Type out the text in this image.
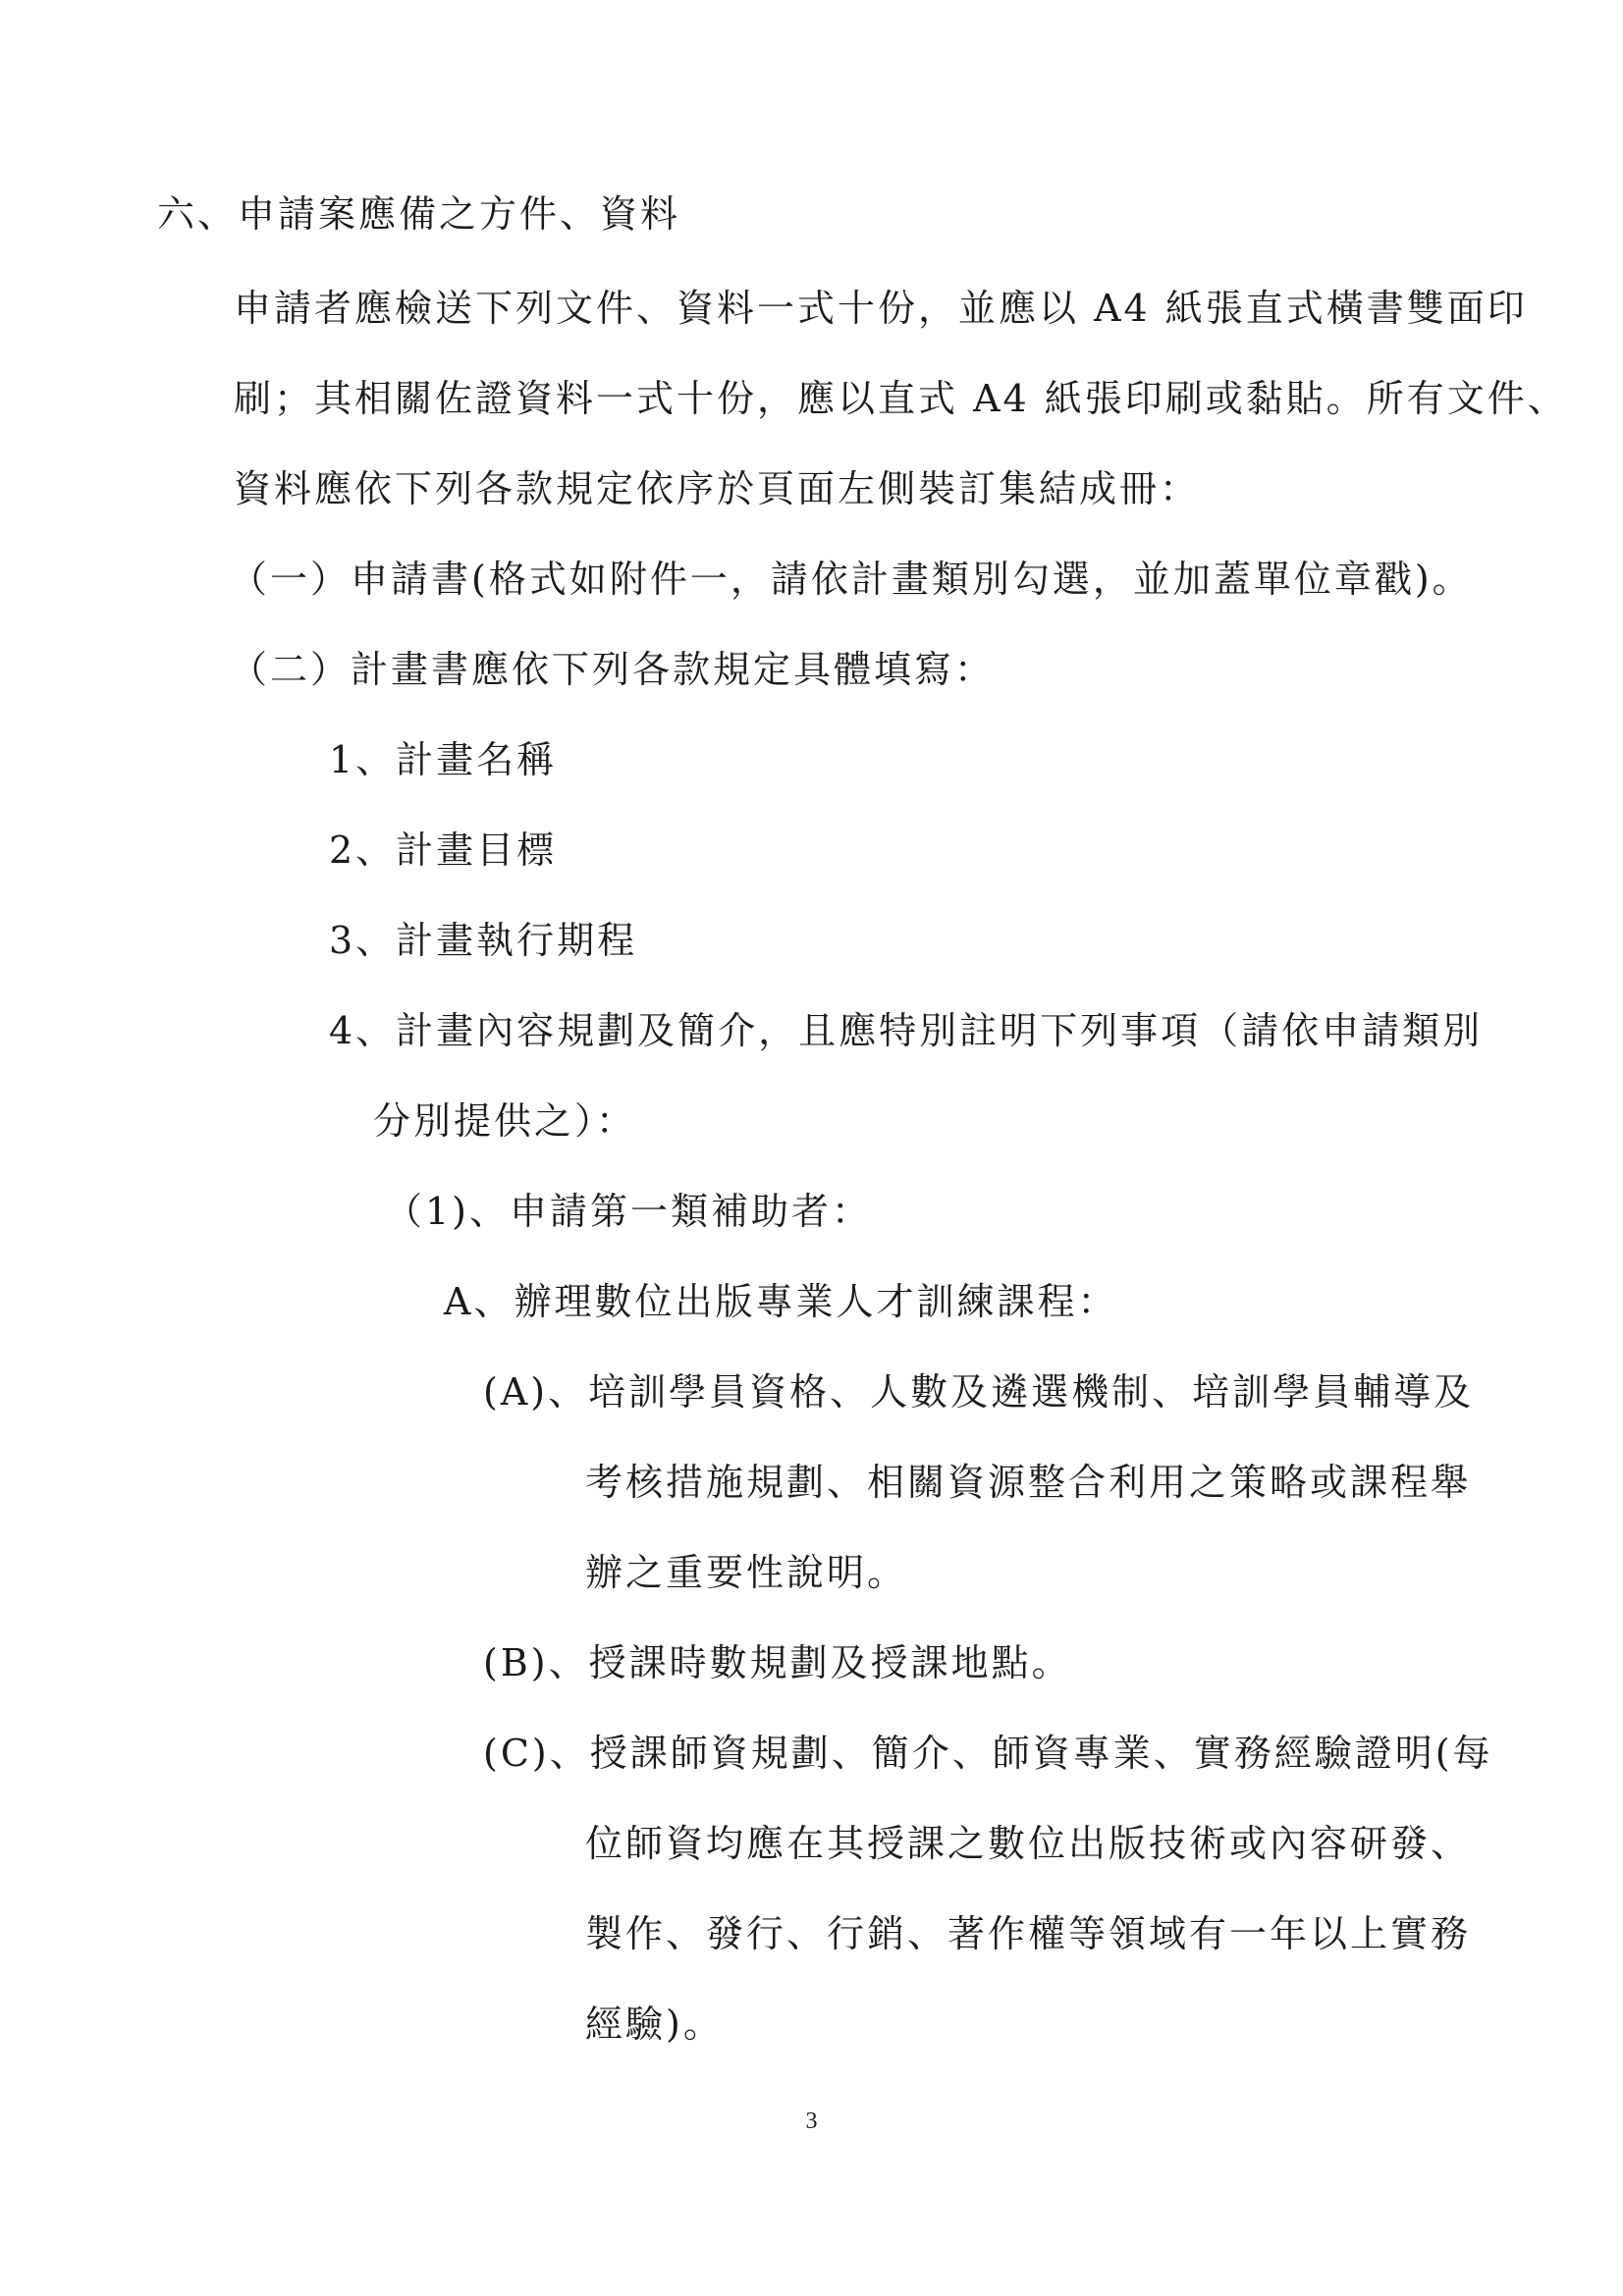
六、申請案應備之方件、資料
申請者應檢送下列文件、資料一式十份，並應以 A4 紙張直式橫書雙面印
刷；其相關佐證資料一式十份，應以直式 A4 紙張印刷或黏貼。所有文件、
資料應依下列各款規定依序於頁面左側裝訂集結成冊：
（一）申請書(格式如附件一，請依計畫類別勾選，並加蓋單位章戳)。
（二）計畫書應依下列各款規定具體填寫：
1、計畫名稱
2、計畫目標
3、計畫執行期程
4、計畫內容規劃及簡介，且應特別註明下列事項（請依申請類別
分別提供之）：
（1)、申請第一類補助者：
A、辦理數位出版專業人才訓練課程：
(A)、培訓學員資格、人數及遴選機制、培訓學員輔導及
考核措施規劃、相關資源整合利用之策略或課程舉
辦之重要性說明。
(B)、授課時數規劃及授課地點。
(C)、授課師資規劃、簡介、師資專業、實務經驗證明(每
位師資均應在其授課之數位出版技術或內容研發、
製作、發行、行銷、著作權等領域有一年以上實務
經驗)。
3
